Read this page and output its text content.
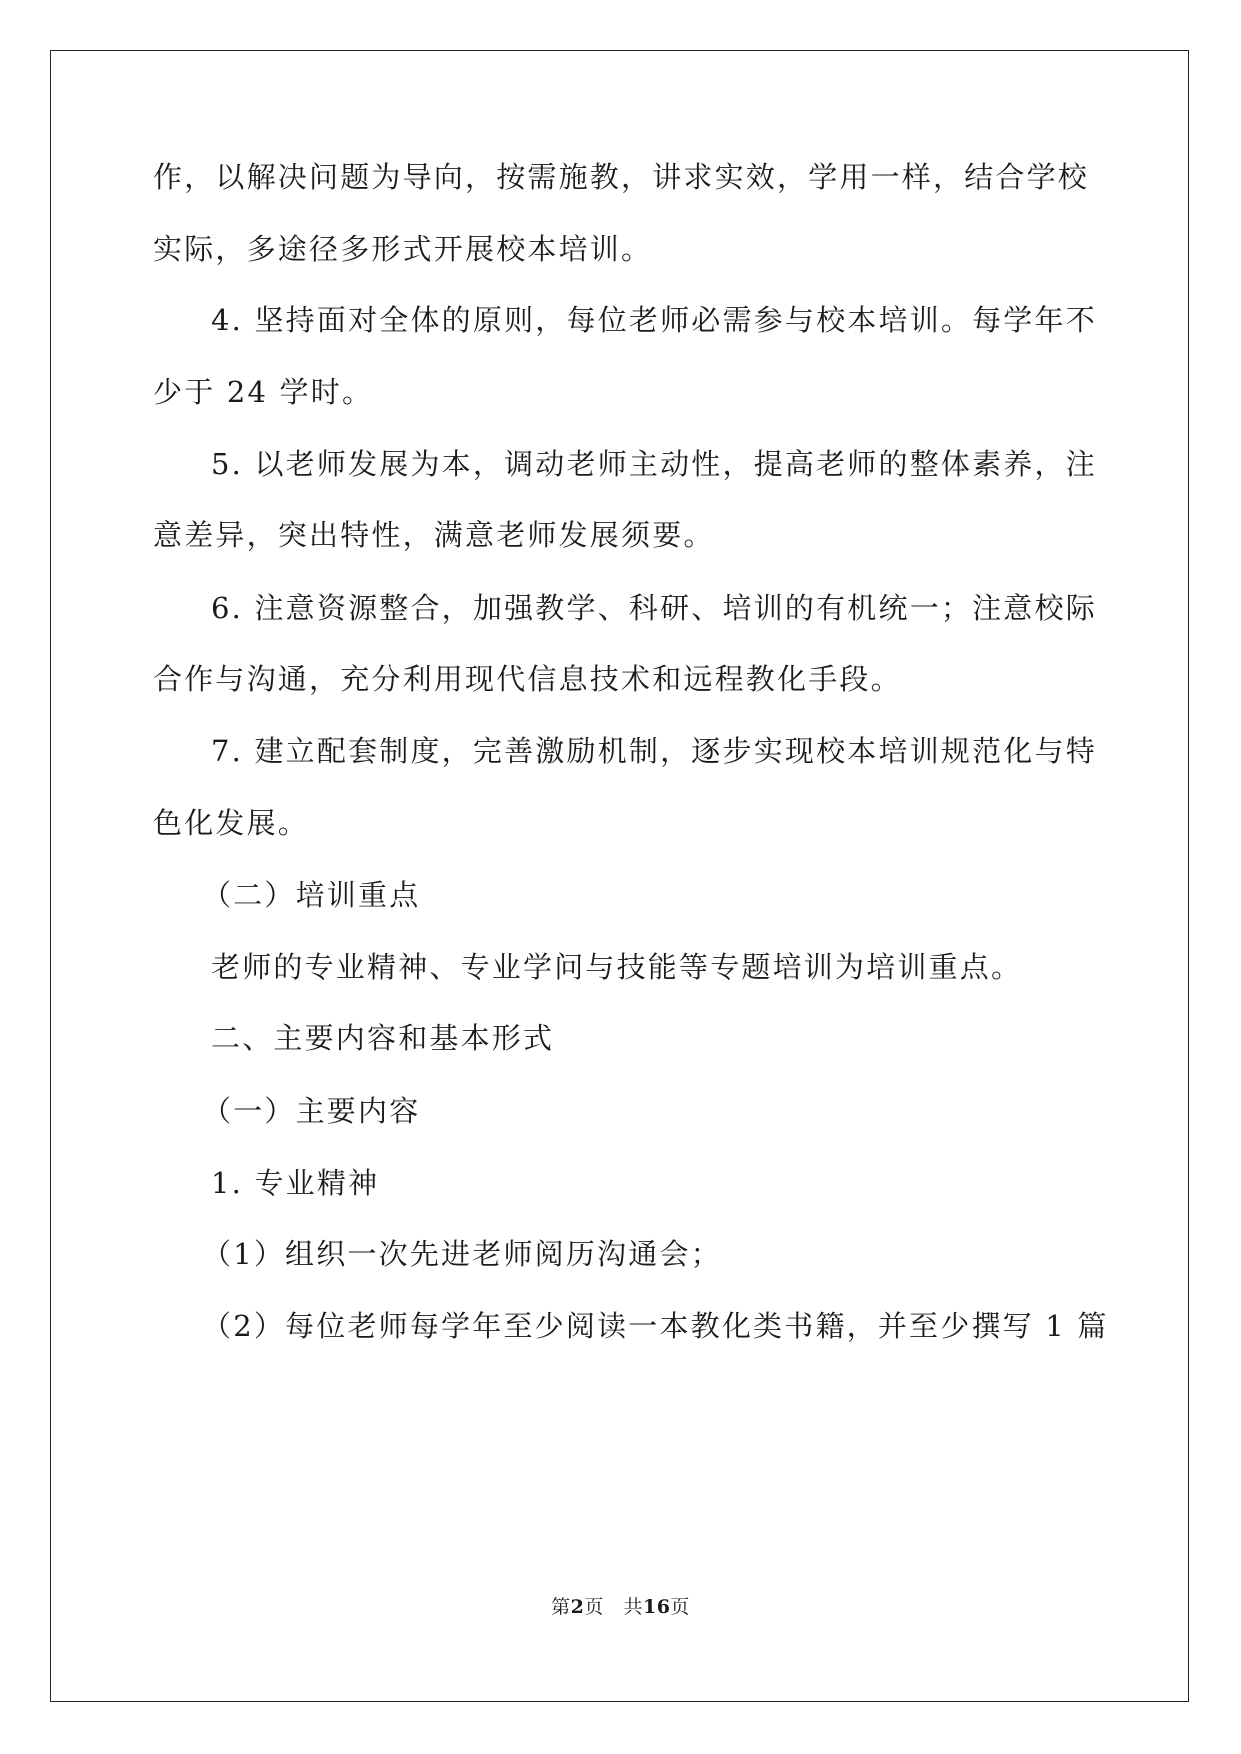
作，以解决问题为导向，按需施教，讲求实效，学用一样，结合学校
实际，多途径多形式开展校本培训。
4. 坚持面对全体的原则，每位老师必需参与校本培训。每学年不
少于 24 学时。
5. 以老师发展为本，调动老师主动性，提高老师的整体素养，注
意差异，突出特性，满意老师发展须要。
6. 注意资源整合，加强教学、科研、培训的有机统一；注意校际
合作与沟通，充分利用现代信息技术和远程教化手段。
7. 建立配套制度，完善激励机制，逐步实现校本培训规范化与特
色化发展。
（二）培训重点
老师的专业精神、专业学问与技能等专题培训为培训重点。
二、主要内容和基本形式
（一）主要内容
1. 专业精神
（1）组织一次先进老师阅历沟通会；
（2）每位老师每学年至少阅读一本教化类书籍，并至少撰写 1 篇
第2页 共16页
